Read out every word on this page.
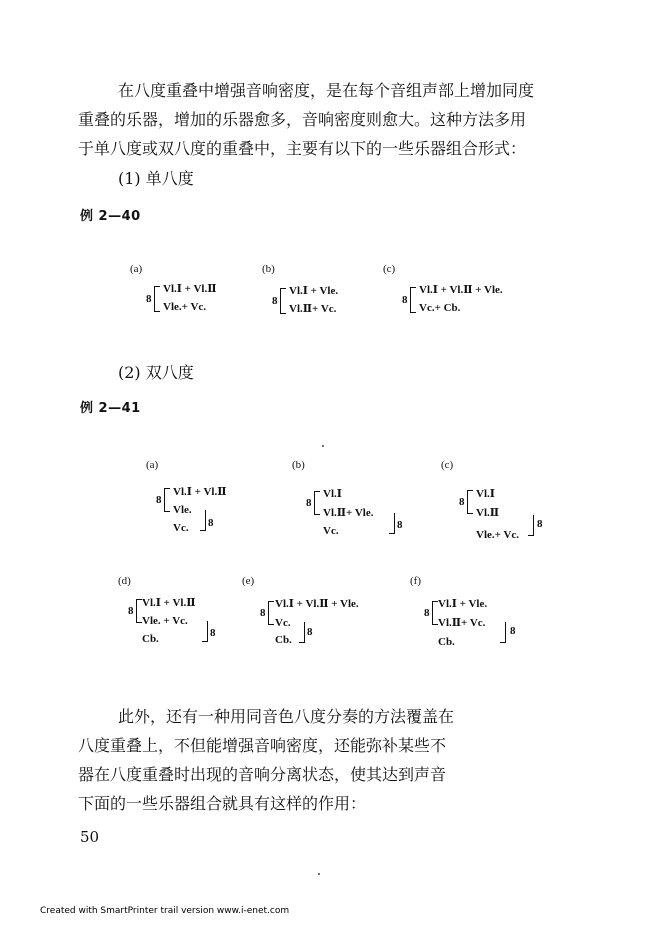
在八度重叠中增强音响密度，是在每个音组声部上增加同度

重叠的乐器，增加的乐器愈多，音响密度则愈大。这种方法多用

于单八度或双八度的重叠中，主要有以下的一些乐器组合形式：

(1) 单八度
例 2—40
(a)
8
Vl.Ⅰ + Vl.Ⅱ
Vle.+ Vc.
(b)
8
Vl.Ⅰ + Vle.
Vl.Ⅱ+ Vc.
(c)
8
Vl.Ⅰ + Vl.Ⅱ + Vle.
Vc.+ Cb.
(2) 双八度
例 2—41
(a)
8
Vl.Ⅰ + Vl.Ⅱ
Vle.
Vc. 8
(b)
8
Vl.Ⅰ
Vl.Ⅱ+ Vle.
Vc.	8
(c)
8
Vl.Ⅰ
Vl.Ⅱ
Vle.+ Vc.
8
(d)
8
Vl.Ⅰ + Vl.Ⅱ
Vle. + Vc.
Cb.	8
(e)
8
Vl.Ⅰ + Vl.Ⅱ + Vle.
Vc.
Cb.
8
(f)
8
Vl.Ⅰ + Vle.
Vl.Ⅱ+ Vc.
Cb.
8

此外，还有一种用同音色八度分奏的方法覆盖在

八度重叠上，不但能增强音响密度，还能弥补某些不

器在八度重叠时出现的音响分离状态，使其达到声音

下面的一些乐器组合就具有这样的作用：

50
Created with SmartPrinter trail version www.i-enet.com
